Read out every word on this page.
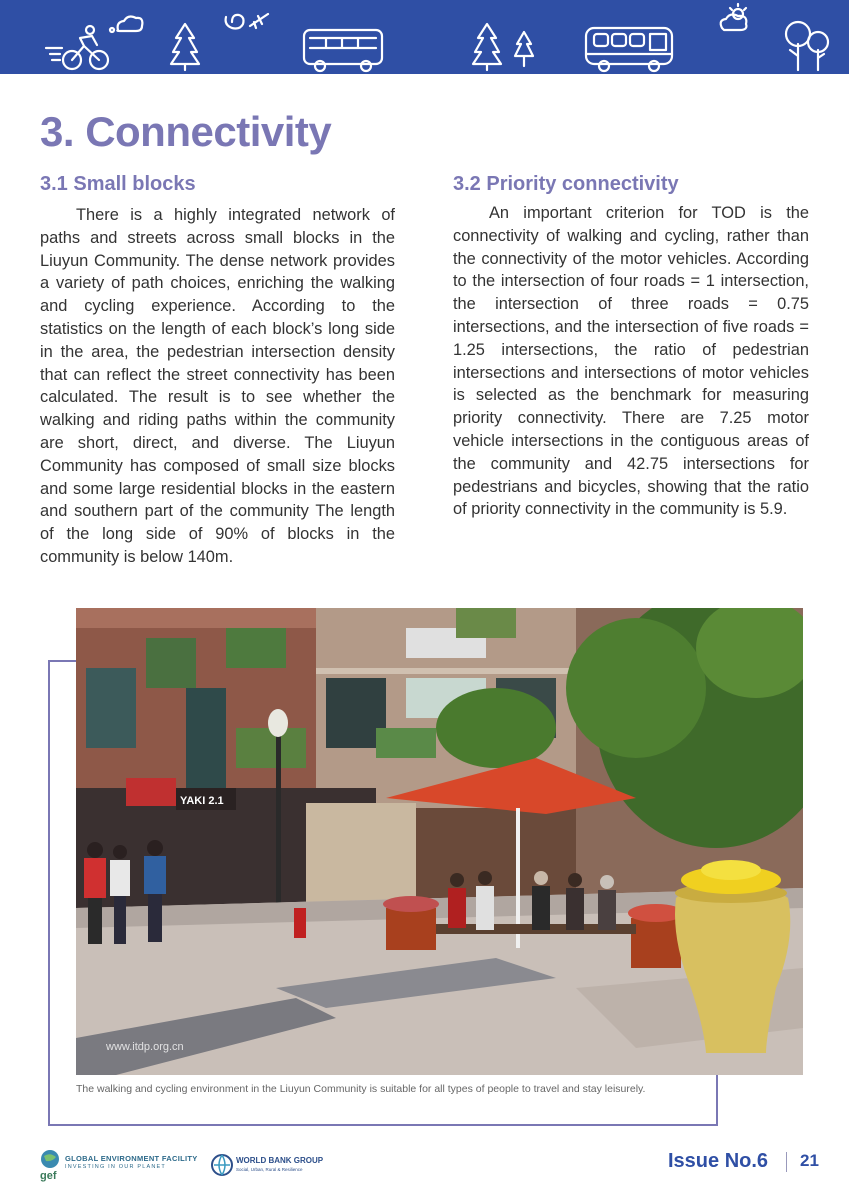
3. Connectivity
3.1 Small blocks

There is a highly integrated network of paths and streets across small blocks in the Liuyun Community. The dense network provides a variety of path choices, enriching the walking and cycling experience. According to the statistics on the length of each block’s long side in the area, the pedestrian intersection density that can reflect the street connectivity has been calculated. The result is to see whether the walking and riding paths within the community are short, direct, and diverse. The Liuyun Community has composed of small size blocks and some large residential blocks in the eastern and southern part of the community The length of the long side of 90% of blocks in the community is below 140m.

3.2 Priority connectivity

An important criterion for TOD is the connectivity of walking and cycling, rather than the connectivity of the motor vehicles. According to the intersection of four roads = 1 intersection, the intersection of three roads = 0.75 intersections, and the intersection of five roads = 1.25 intersections, the ratio of pedestrian intersections and intersections of motor vehicles is selected as the benchmark for measuring priority connectivity. There are 7.25 motor vehicle intersections in the contiguous areas of the community and 42.75 intersections for pedestrians and bicycles, showing that the ratio of priority connectivity in the community is 5.9.

YAKI 2.1
www.itdp.org.cn

The walking and cycling environment in the Liuyun Community is suitable for all types of people to travel and stay leisurely.

gef
GLOBAL ENVIRONMENT FACILITY
INVESTING IN OUR PLANET
WORLD BANK GROUP
Social, Urban, Rural & Resilience	Issue No.6 21
